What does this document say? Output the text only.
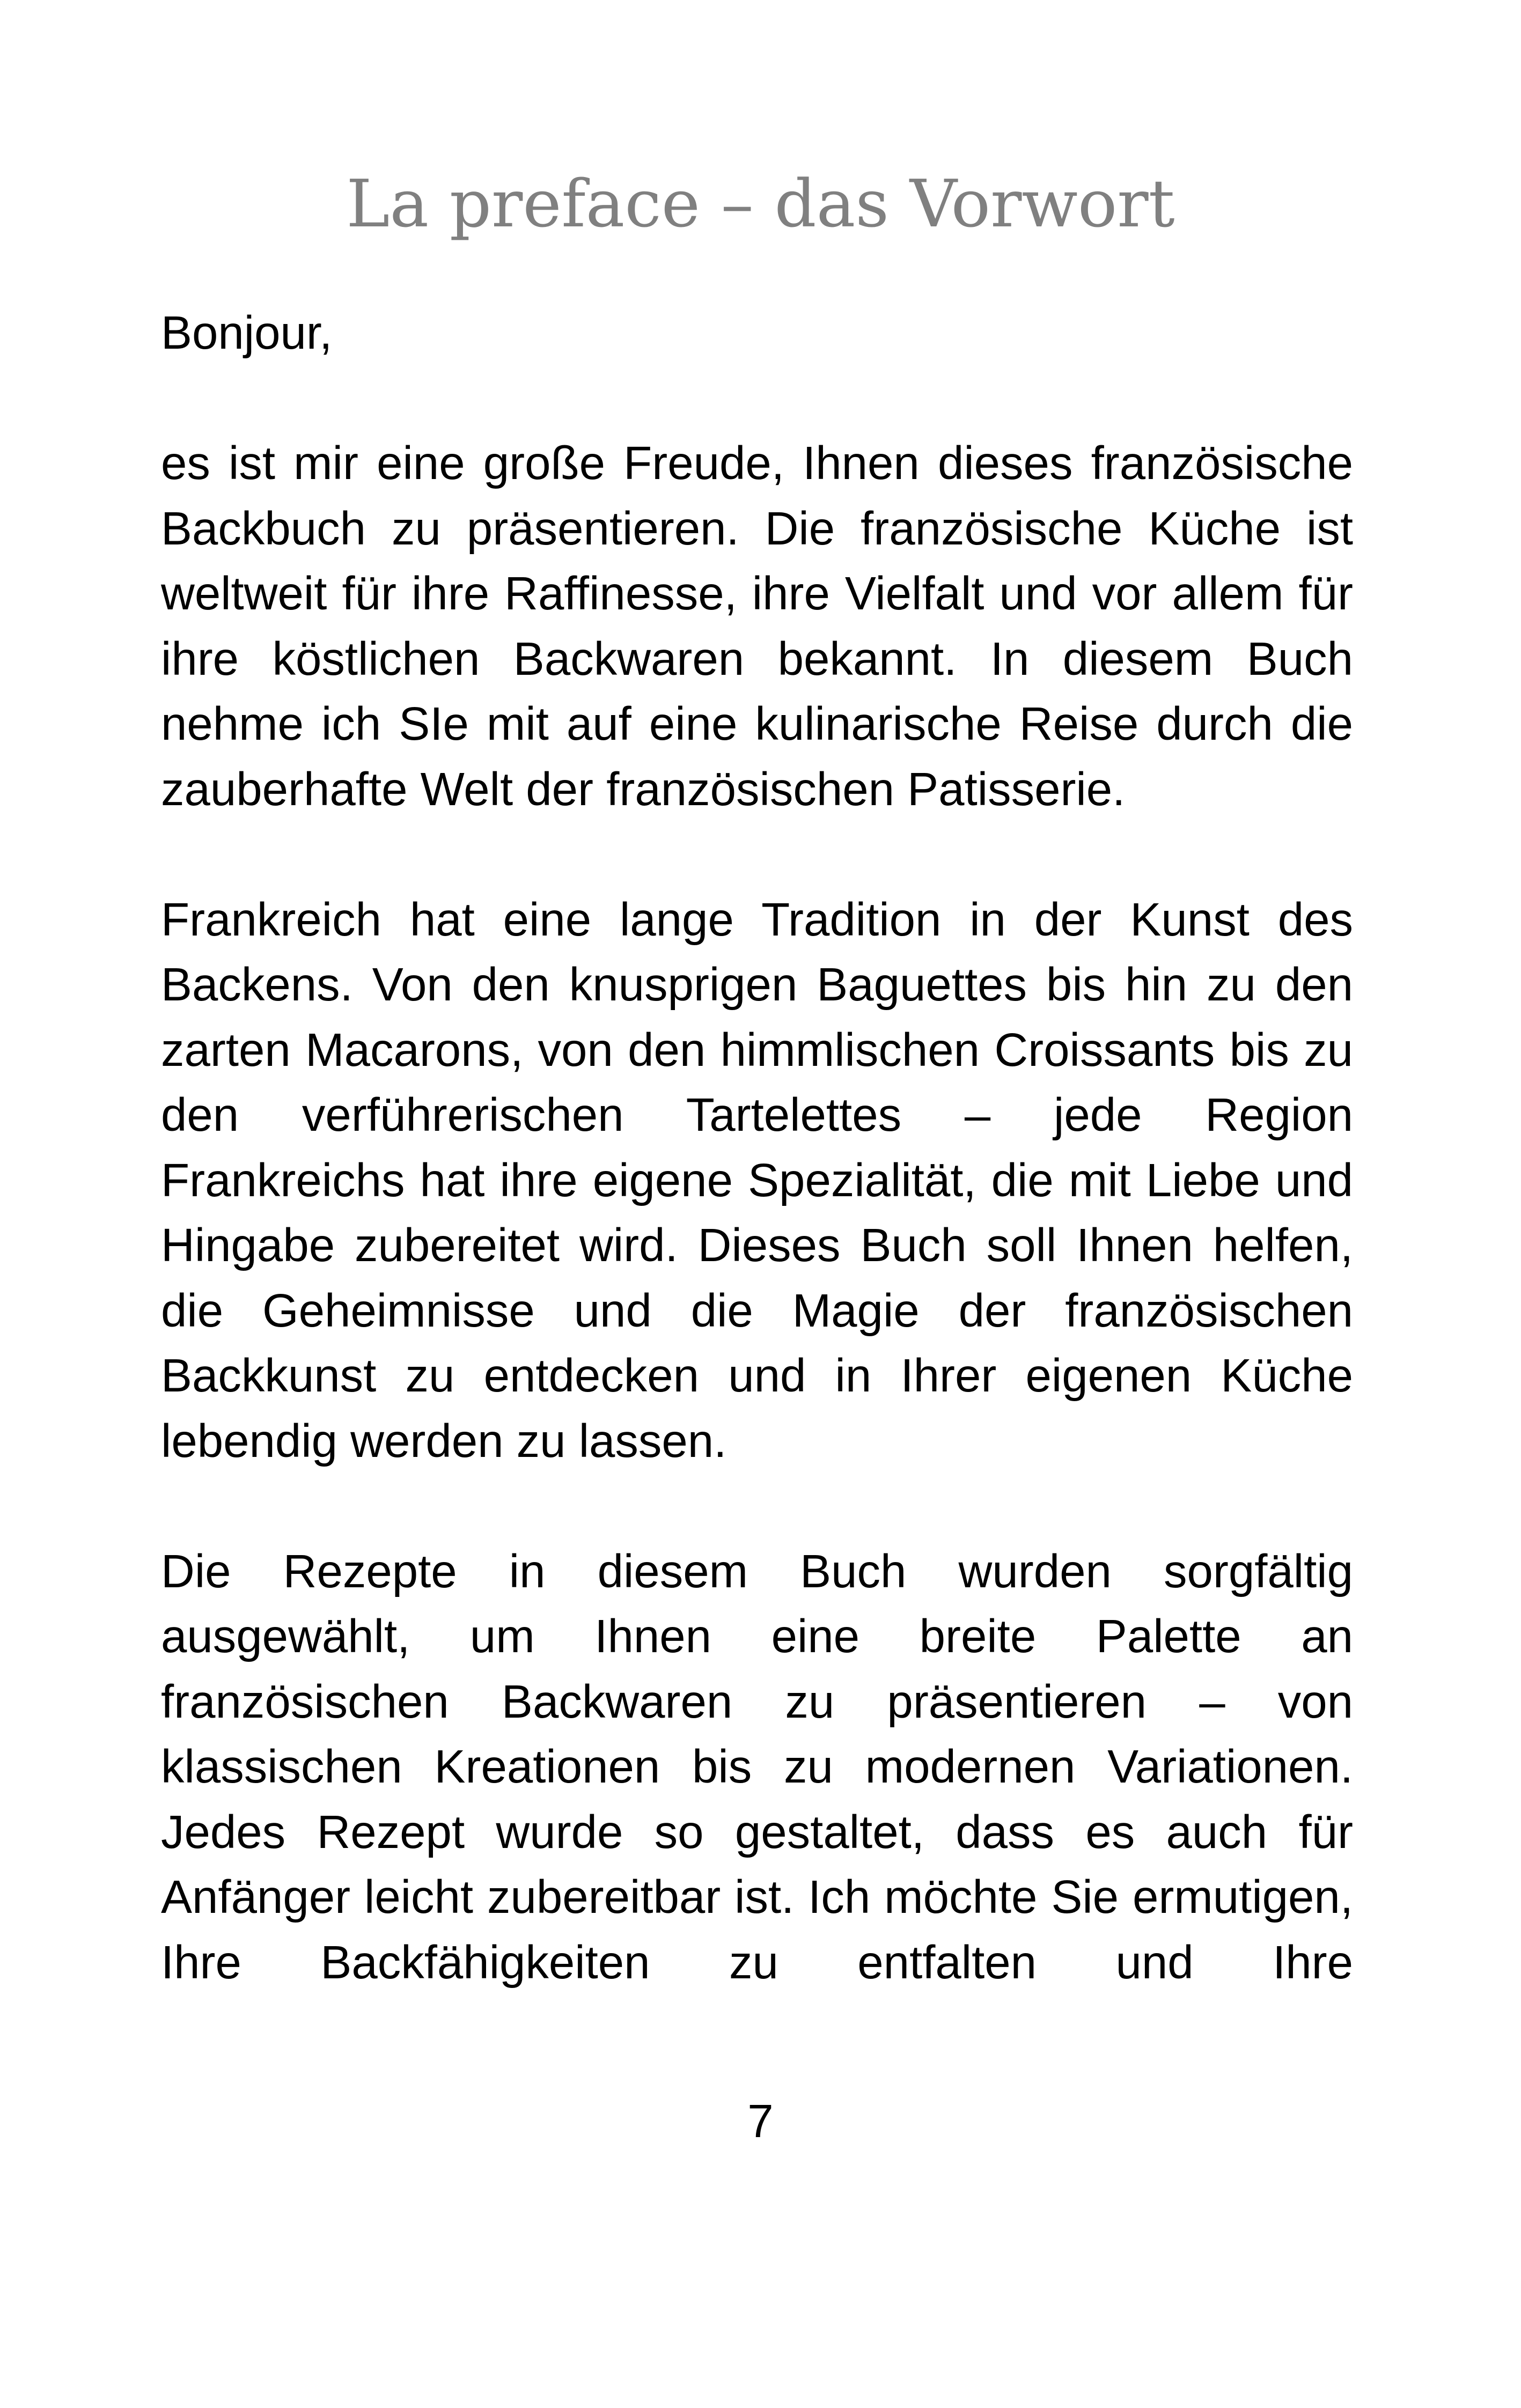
La preface – das Vorwort

Bonjour,

es ist mir eine große Freude, Ihnen dieses französische Backbuch zu präsentieren. Die französische Küche ist weltweit für ihre Raffinesse, ihre Vielfalt und vor allem für ihre köstlichen Backwaren bekannt. In diesem Buch nehme ich SIe mit auf eine kulinarische Reise durch die zauberhafte Welt der französischen Patisserie.

Frankreich hat eine lange Tradition in der Kunst des Backens. Von den knusprigen Baguettes bis hin zu den zarten Macarons, von den himmlischen Croissants bis zu den verführerischen Tartelettes – jede Region Frankreichs hat ihre eigene Spezialität, die mit Liebe und Hingabe zubereitet wird. Dieses Buch soll Ihnen helfen, die Geheimnisse und die Magie der französischen Backkunst zu entdecken und in Ihrer eigenen Küche lebendig werden zu lassen.

Die Rezepte in diesem Buch wurden sorgfältig ausgewählt, um Ihnen eine breite Palette an französischen Backwaren zu präsentieren – von klassischen Kreationen bis zu modernen Variationen. Jedes Rezept wurde so gestaltet, dass es auch für Anfänger leicht zubereitbar ist. Ich möchte Sie ermutigen, Ihre Backfähigkeiten zu entfalten und Ihre

7
